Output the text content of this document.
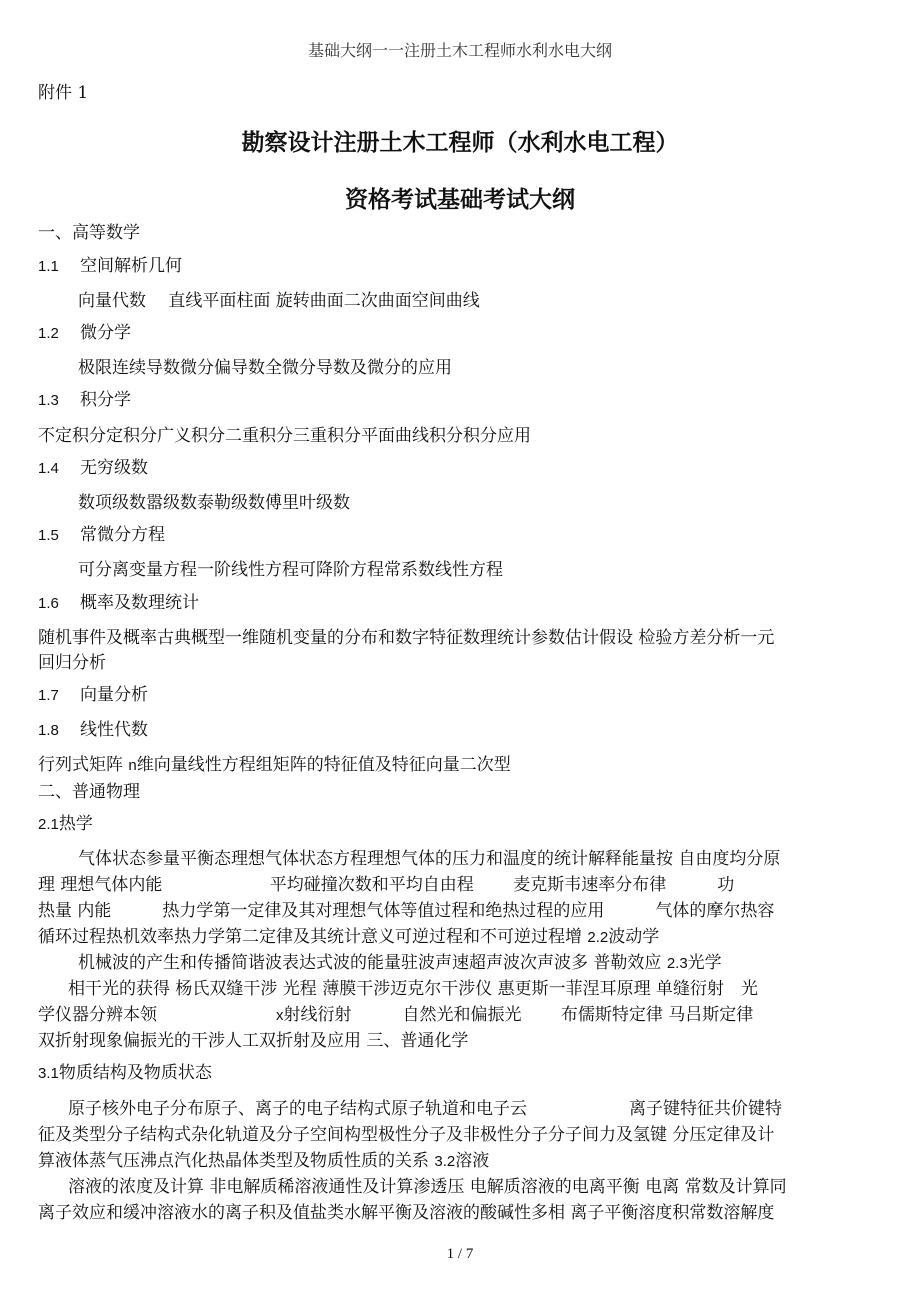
基础大纲一一注册土木工程师水利水电大纲
附件 1
勘察设计注册土木工程师（水利水电工程）
资格考试基础考试大纲
一、高等数学
1.1 空间解析几何
向量代数　 直线平面柱面 旋转曲面二次曲面空间曲线
1.2 微分学
极限连续导数微分偏导数全微分导数及微分的应用
1.3 积分学
不定积分定积分广义积分二重积分三重积分平面曲线积分积分应用
1.4 无穷级数
数项级数嚣级数泰勒级数傅里叶级数
1.5 常微分方程
可分离变量方程一阶线性方程可降阶方程常系数线性方程
1.6 概率及数理统计
随机事件及概率古典概型一维随机变量的分布和数字特征数理统计参数估计假设 检验方差分析一元
回归分析
1.7 向量分析
1.8 线性代数
行列式矩阵 n维向量线性方程组矩阵的特征值及特征向量二次型
二、普通物理
2.1热学
气体状态参量平衡态理想气体状态方程理想气体的压力和温度的统计解释能量按 自由度均分原
理 理想气体内能　　　　　　 平均碰撞次数和平均自由程　　 麦克斯韦速率分布律　　　功
热量 内能　　　热力学第一定律及其对理想气体等值过程和绝热过程的应用　　　气体的摩尔热容
循环过程热机效率热力学第二定律及其统计意义可逆过程和不可逆过程增 2.2波动学
机械波的产生和传播简谐波表达式波的能量驻波声速超声波次声波多 普勒效应 2.3光学
相干光的获得 杨氏双缝干涉 光程 薄膜干涉迈克尔干涉仪 惠更斯一菲涅耳原理 单缝衍射　光
学仪器分辨本领　　　　　　　x射线衍射　　　自然光和偏振光　　 布儒斯特定律 马吕斯定律
双折射现象偏振光的干涉人工双折射及应用 三、普通化学
3.1物质结构及物质状态
原子核外电子分布原子、离子的电子结构式原子轨道和电子云　　　　　　离子键特征共价键特
征及类型分子结构式杂化轨道及分子空间构型极性分子及非极性分子分子间力及氢键 分压定律及计
算液体蒸气压沸点汽化热晶体类型及物质性质的关系 3.2溶液
溶液的浓度及计算 非电解质稀溶液通性及计算渗透压 电解质溶液的电离平衡 电离 常数及计算同
离子效应和缓冲溶液水的离子积及值盐类水解平衡及溶液的酸碱性多相 离子平衡溶度积常数溶解度
1 / 7
